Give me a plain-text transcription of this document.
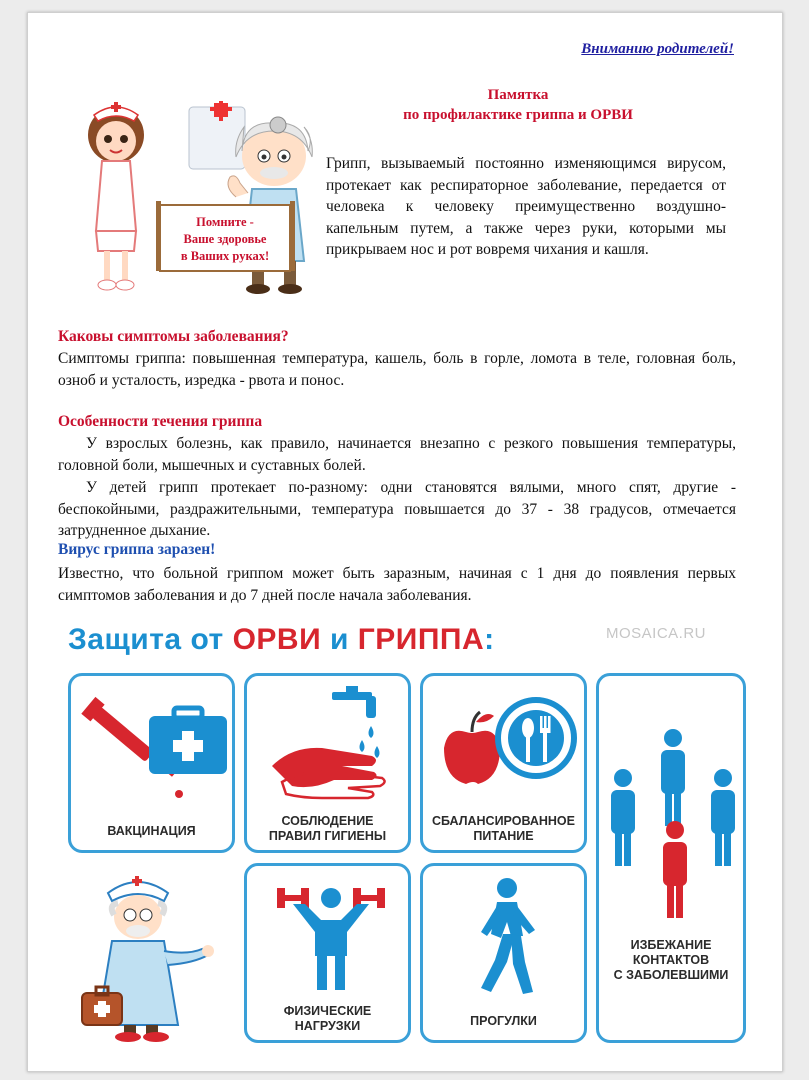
Вниманию родителей!
Памятка
по профилактике гриппа и ОРВИ
Помните -
Ваше здоровье
в Ваших руках!
Грипп, вызываемый постоянно изменяющимся вирусом, протекает как респираторное заболевание, передается от человека к человеку преимущественно воздушно-капельным путем, а также через руки, которыми мы прикрываем нос и рот вовремя чихания и кашля.
Каковы симптомы заболевания?
Симптомы гриппа: повышенная температура, кашель, боль в горле, ломота в теле, головная боль, озноб и усталость, изредка - рвота и понос.
Особенности течения гриппа
У взрослых болезнь, как правило, начинается внезапно с резкого повышения температуры, головной боли, мышечных и суставных болей.
У детей грипп протекает по-разному: одни становятся вялыми, много спят, другие - беспокойными, раздражительными, температура повышается до 37 - 38 градусов, отмечается затрудненное дыхание.
Вирус гриппа заразен!
Известно, что больной гриппом может быть заразным, начиная с 1 дня до появления первых симптомов заболевания и до 7 дней после начала заболевания.
Защита от ОРВИ и ГРИППА:	MOSAICA.RU
ВАКЦИНАЦИЯ
СОБЛЮДЕНИЕ
ПРАВИЛ ГИГИЕНЫ
СБАЛАНСИРОВАННОЕ
ПИТАНИЕ
ИЗБЕЖАНИЕ
КОНТАКТОВ
С ЗАБОЛЕВШИМИ
ФИЗИЧЕСКИЕ
НАГРУЗКИ	ПРОГУЛКИ
